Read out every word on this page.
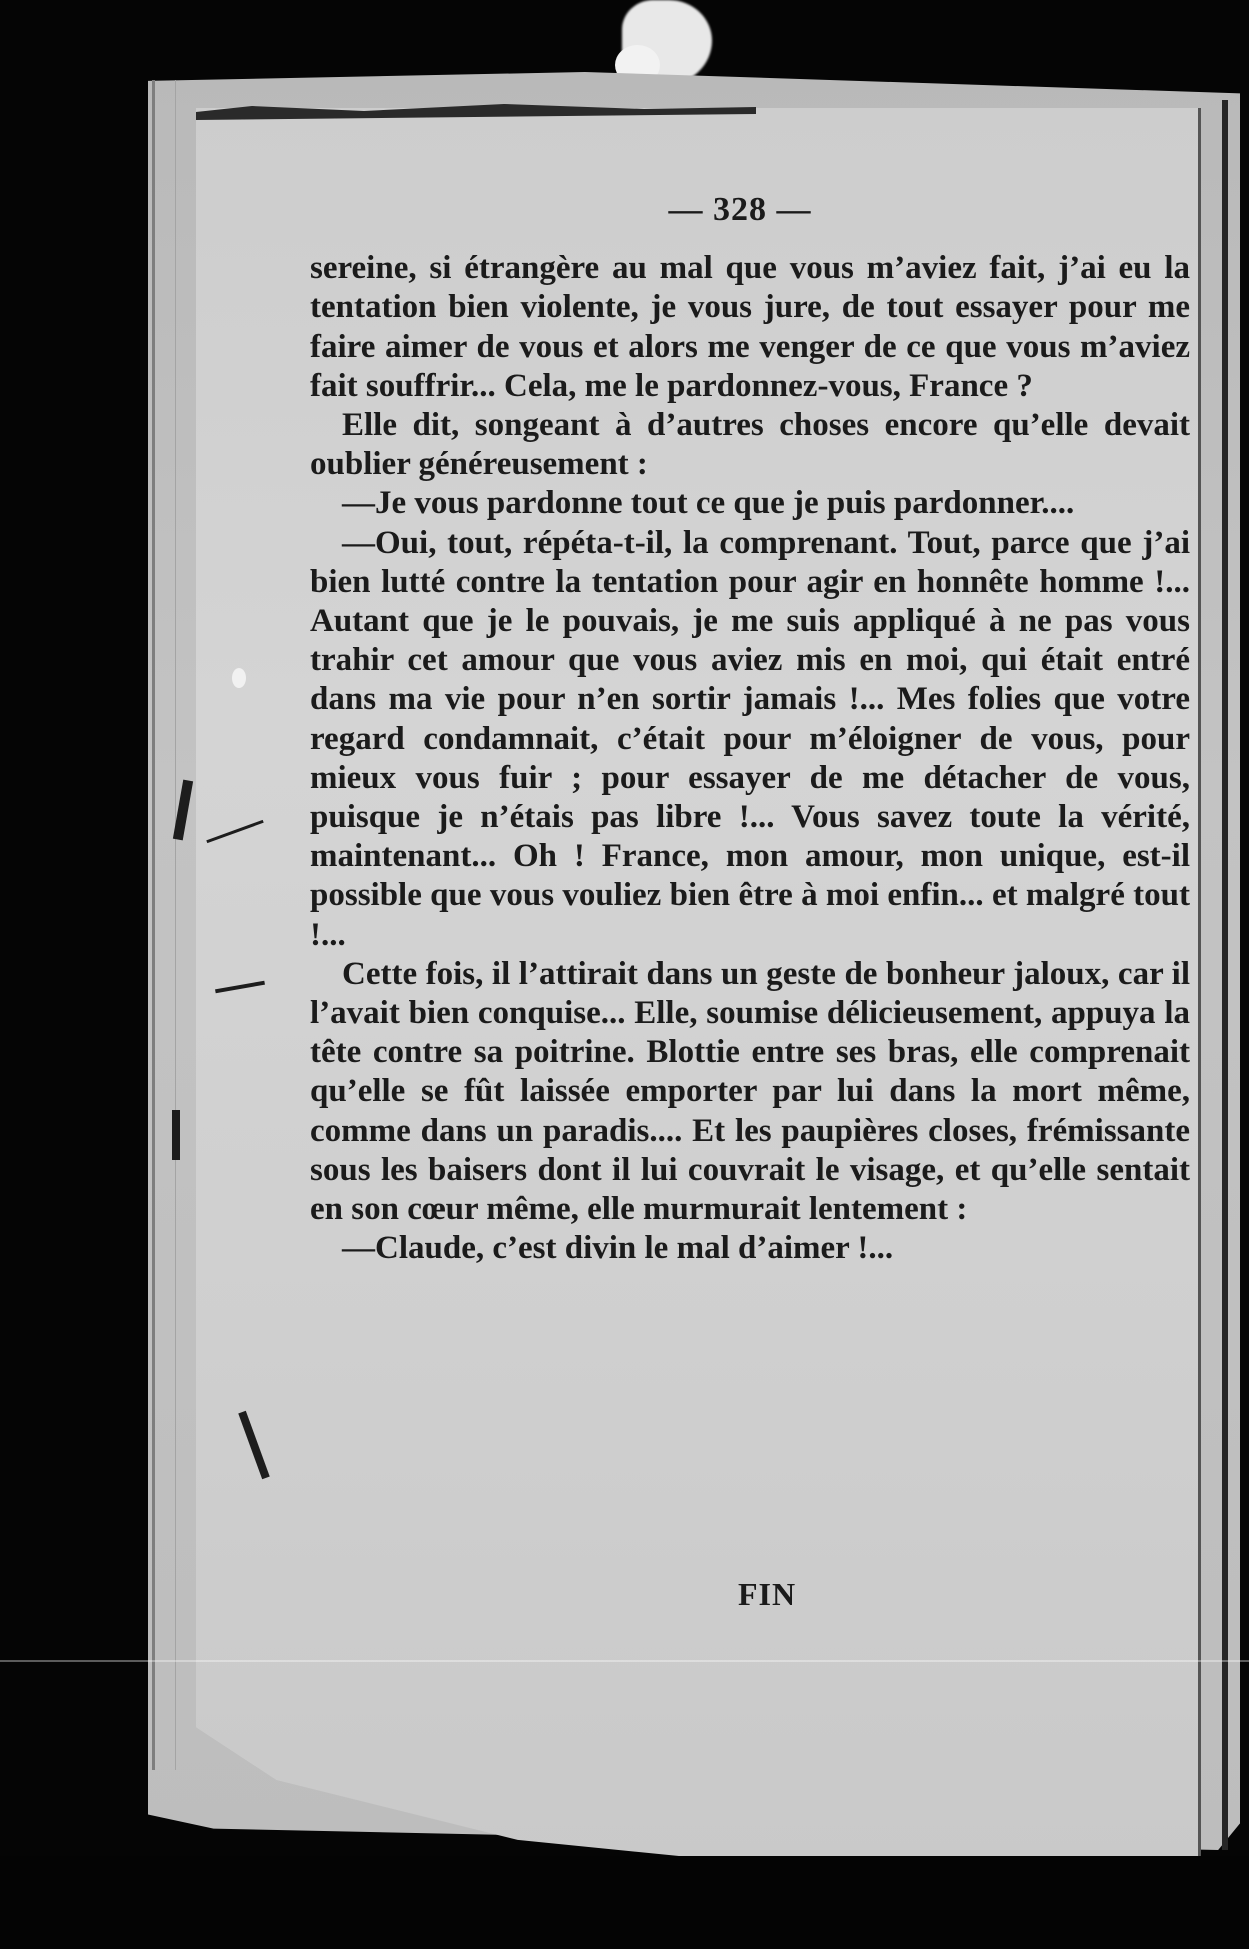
— 328 —

sereine, si étrangère au mal que vous m’aviez fait, j’ai eu la tentation bien violente, je vous jure, de tout essayer pour me faire aimer de vous et alors me venger de ce que vous m’aviez fait souffrir... Cela, me le pardonnez-vous, France ?

Elle dit, songeant à d’autres choses encore qu’elle devait oublier généreusement :

—Je vous pardonne tout ce que je puis pardonner....

—Oui, tout, répéta-t-il, la comprenant. Tout, parce que j’ai bien lutté contre la tentation pour agir en honnête homme !... Autant que je le pouvais, je me suis appliqué à ne pas vous trahir cet amour que vous aviez mis en moi, qui était entré dans ma vie pour n’en sortir jamais !... Mes folies que votre regard condamnait, c’était pour m’éloigner de vous, pour mieux vous fuir ; pour essayer de me détacher de vous, puisque je n’étais pas libre !... Vous savez toute la vérité, maintenant... Oh ! France, mon amour, mon unique, est-il possible que vous vouliez bien être à moi enfin... et malgré tout !...

Cette fois, il l’attirait dans un geste de bonheur jaloux, car il l’avait bien conquise... Elle, soumise délicieusement, appuya la tête contre sa poitrine. Blottie entre ses bras, elle comprenait qu’elle se fût laissée emporter par lui dans la mort même, comme dans un paradis.... Et les paupières closes, frémissante sous les baisers dont il lui couvrait le visage, et qu’elle sentait en son cœur même, elle murmurait lentement :

—Claude, c’est divin le mal d’aimer !...

FIN
